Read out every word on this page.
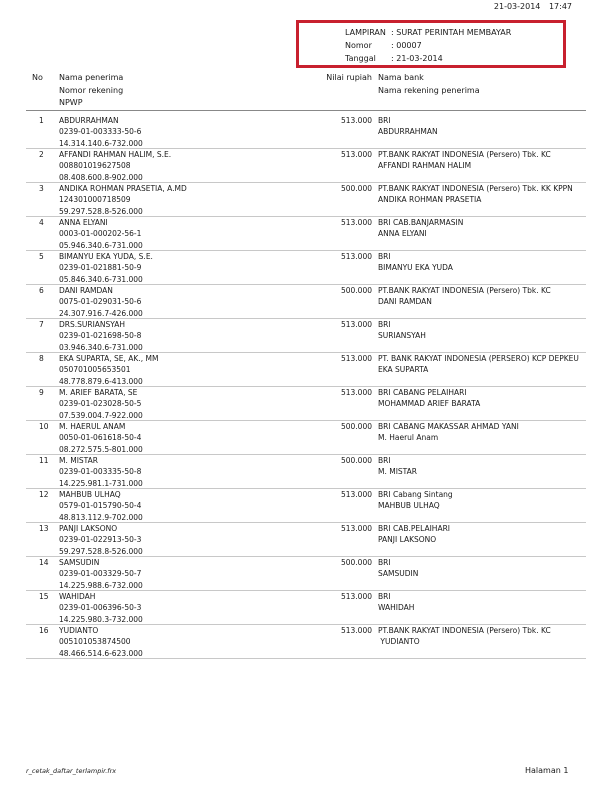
21-03-2014 17:47
LAMPIRAN : SURAT PERINTAH MEMBAYAR
Nomor : 00007
Tanggal : 21-03-2014
No Nama penerima
Nomor rekening
NPWP
Nilai rupiah Nama bank
Nama rekening penerima
1 ABDURRAHMAN
0239-01-003333-50-6
14.314.140.6-732.000
513.000 BRI
ABDURRAHMAN
2 AFFANDI RAHMAN HALIM, S.E.
008801019627508
08.408.600.8-902.000
513.000 PT.BANK RAKYAT INDONESIA (Persero) Tbk. KC
AFFANDI RAHMAN HALIM
3 ANDIKA ROHMAN PRASETIA, A.MD
124301000718509
59.297.528.8-526.000
500.000 PT.BANK RAKYAT INDONESIA (Persero) Tbk. KK KPPN
ANDIKA ROHMAN PRASETIA
4 ANNA ELYANI
0003-01-000202-56-1
05.946.340.6-731.000
513.000 BRI CAB.BANJARMASIN
ANNA ELYANI
5 BIMANYU EKA YUDA, S.E.
0239-01-021881-50-9
05.846.340.6-731.000
513.000 BRI
BIMANYU EKA YUDA
6 DANI RAMDAN
0075-01-029031-50-6
24.307.916.7-426.000
500.000 PT.BANK RAKYAT INDONESIA (Persero) Tbk. KC
DANI RAMDAN
7 DRS.SURIANSYAH
0239-01-021698-50-8
03.946.340.6-731.000
513.000 BRI
SURIANSYAH
8 EKA SUPARTA, SE, AK., MM
050701005653501
48.778.879.6-413.000
513.000 PT. BANK RAKYAT INDONESIA (PERSERO) KCP DEPKEU
EKA SUPARTA
9 M. ARIEF BARATA, SE
0239-01-023028-50-5
07.539.004.7-922.000
513.000 BRI CABANG PELAIHARI
MOHAMMAD ARIEF BARATA
10 M. HAERUL ANAM
0050-01-061618-50-4
08.272.575.5-801.000
500.000 BRI CABANG MAKASSAR AHMAD YANI
M. Haerul Anam
11 M. MISTAR
0239-01-003335-50-8
14.225.981.1-731.000
500.000 BRI
M. MISTAR
12 MAHBUB ULHAQ
0579-01-015790-50-4
48.813.112.9-702.000
513.000 BRI Cabang Sintang
MAHBUB ULHAQ
13 PANJI LAKSONO
0239-01-022913-50-3
59.297.528.8-526.000
513.000 BRI CAB.PELAIHARI
PANJI LAKSONO
14 SAMSUDIN
0239-01-003329-50-7
14.225.988.6-732.000
500.000 BRI
SAMSUDIN
15 WAHIDAH
0239-01-006396-50-3
14.225.980.3-732.000
513.000 BRI
WAHIDAH
16 YUDIANTO
005101053874500
48.466.514.6-623.000
513.000 PT.BANK RAKYAT INDONESIA (Persero) Tbk. KC
YUDIANTO
r_cetak_daftar_terlampir.frx	Halaman 1
